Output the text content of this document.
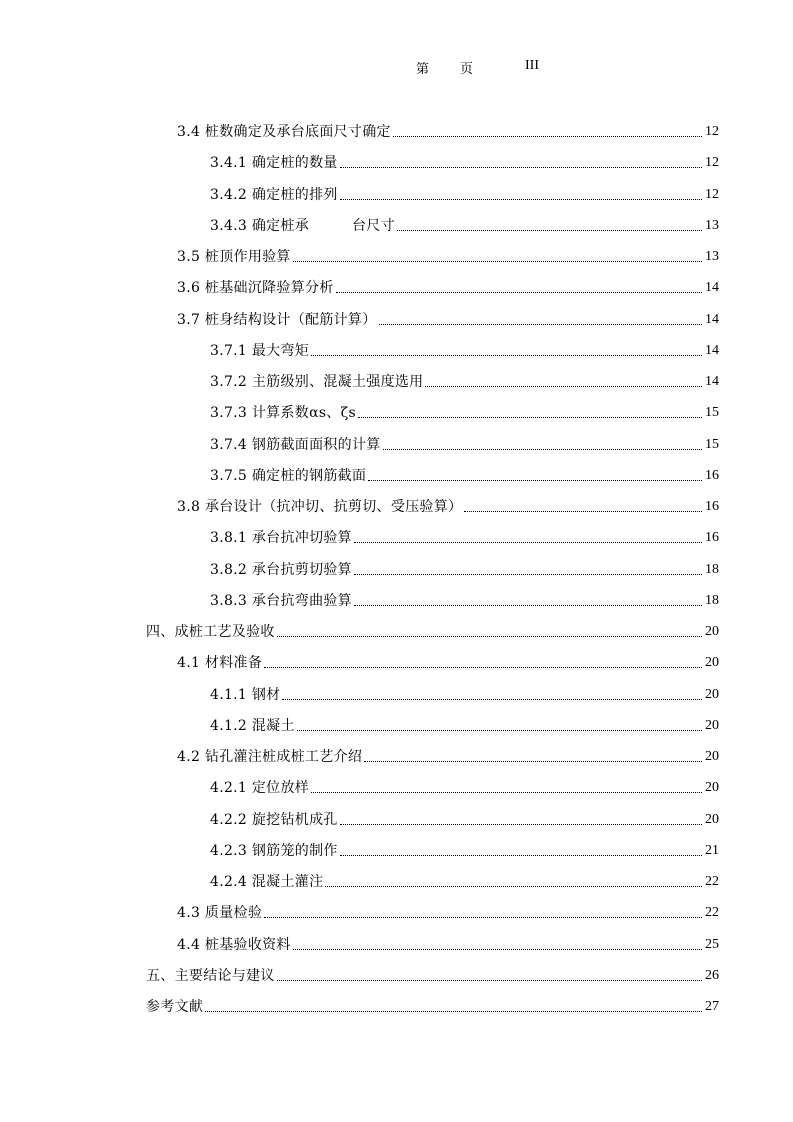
第 页	III
3.4 桩数确定及承台底面尺寸确定	12
3.4.1 确定桩的数量	12
3.4.2 确定桩的排列	12
3.4.3 确定桩承　　　台尺寸	13
3.5 桩顶作用验算	13
3.6 桩基础沉降验算分析	14
3.7 桩身结构设计（配筋计算）	14
3.7.1 最大弯矩	14
3.7.2 主筋级别、混凝土强度选用	14
3.7.3 计算系数αs、ζs	15
3.7.4 钢筋截面面积的计算	15
3.7.5 确定桩的钢筋截面	16
3.8 承台设计（抗冲切、抗剪切、受压验算）	16
3.8.1 承台抗冲切验算	16
3.8.2 承台抗剪切验算	18
3.8.3 承台抗弯曲验算	18
四、成桩工艺及验收	20
4.1 材料准备	20
4.1.1 钢材	20
4.1.2 混凝土	20
4.2 钻孔灌注桩成桩工艺介绍	20
4.2.1 定位放样	20
4.2.2 旋挖钻机成孔	20
4.2.3 钢筋笼的制作	21
4.2.4 混凝土灌注	22
4.3 质量检验	22
4.4 桩基验收资料	25
五、主要结论与建议	26
参考文献	27
